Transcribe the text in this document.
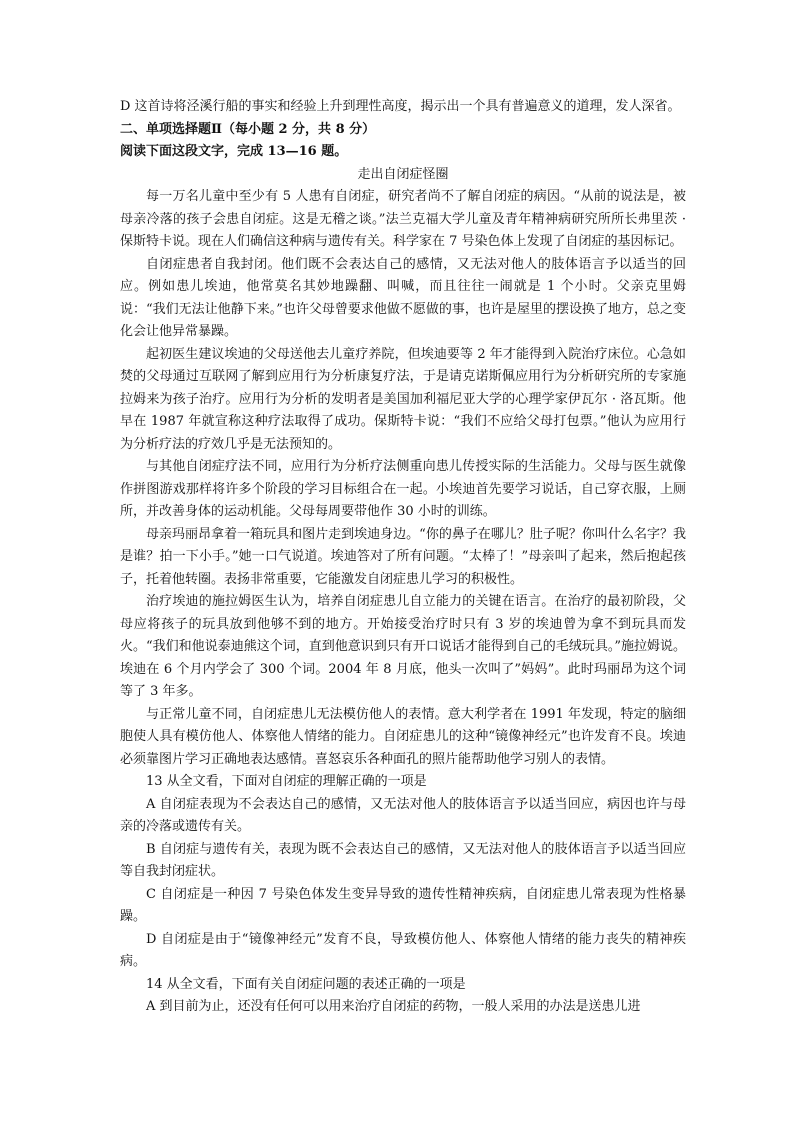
D 这首诗将泾溪行船的事实和经验上升到理性高度，揭示出一个具有普遍意义的道理，发人深省。

二、单项选择题Ⅱ（每小题 2 分，共 8 分）

阅读下面这段文字，完成 13—16 题。

走出自闭症怪圈

每一万名儿童中至少有 5 人患有自闭症，研究者尚不了解自闭症的病因。“从前的说法是，被母亲冷落的孩子会患自闭症。这是无稽之谈。”法兰克福大学儿童及青年精神病研究所所长弗里茨 · 保斯特卡说。现在人们确信这种病与遗传有关。科学家在 7 号染色体上发现了自闭症的基因标记。

自闭症患者自我封闭。他们既不会表达自己的感情，又无法对他人的肢体语言予以适当的回应。例如患儿埃迪，他常莫名其妙地躁翻、叫喊，而且往往一闹就是 1 个小时。父亲克里姆说：“我们无法让他静下来。”也许父母曾要求他做不愿做的事，也许是屋里的摆设换了地方，总之变化会让他异常暴躁。

起初医生建议埃迪的父母送他去儿童疗养院，但埃迪要等 2 年才能得到入院治疗床位。心急如焚的父母通过互联网了解到应用行为分析康复疗法，于是请克诺斯佩应用行为分析研究所的专家施拉姆来为孩子治疗。应用行为分析的发明者是美国加利福尼亚大学的心理学家伊瓦尔 · 洛瓦斯。他早在 1987 年就宣称这种疗法取得了成功。保斯特卡说：“我们不应给父母打包票。”他认为应用行为分析疗法的疗效几乎是无法预知的。

与其他自闭症疗法不同，应用行为分析疗法侧重向患儿传授实际的生活能力。父母与医生就像作拼图游戏那样将许多个阶段的学习目标组合在一起。小埃迪首先要学习说话，自己穿衣服，上厕所，并改善身体的运动机能。父母每周要带他作 30 小时的训练。

母亲玛丽昂拿着一箱玩具和图片走到埃迪身边。“你的鼻子在哪儿？肚子呢？你叫什么名字？我是谁？拍一下小手。”她一口气说道。埃迪答对了所有问题。“太棒了！”母亲叫了起来，然后抱起孩子，托着他转圈。表扬非常重要，它能激发自闭症患儿学习的积极性。

治疗埃迪的施拉姆医生认为，培养自闭症患儿自立能力的关键在语言。在治疗的最初阶段，父母应将孩子的玩具放到他够不到的地方。开始接受治疗时只有 3 岁的埃迪曾为拿不到玩具而发火。“我们和他说泰迪熊这个词，直到他意识到只有开口说话才能得到自己的毛绒玩具。”施拉姆说。埃迪在 6 个月内学会了 300 个词。2004 年 8 月底，他头一次叫了”妈妈”。此时玛丽昂为这个词等了 3 年多。

与正常儿童不同，自闭症患儿无法模仿他人的表情。意大利学者在 1991 年发现，特定的脑细胞使人具有模仿他人、体察他人情绪的能力。自闭症患儿的这种“镜像神经元”也许发育不良。埃迪必须靠图片学习正确地表达感情。喜怒哀乐各种面孔的照片能帮助他学习别人的表情。

13 从全文看，下面对自闭症的理解正确的一项是

A 自闭症表现为不会表达自己的感情，又无法对他人的肢体语言予以适当回应，病因也许与母亲的冷落或遗传有关。

B 自闭症与遗传有关，表现为既不会表达自己的感情，又无法对他人的肢体语言予以适当回应等自我封闭症状。

C 自闭症是一种因 7 号染色体发生变异导致的遗传性精神疾病，自闭症患儿常表现为性格暴躁。

D 自闭症是由于“镜像神经元”发育不良，导致模仿他人、体察他人情绪的能力丧失的精神疾病。

14 从全文看，下面有关自闭症问题的表述正确的一项是

A 到目前为止，还没有任何可以用来治疗自闭症的药物，一般人采用的办法是送患儿进
